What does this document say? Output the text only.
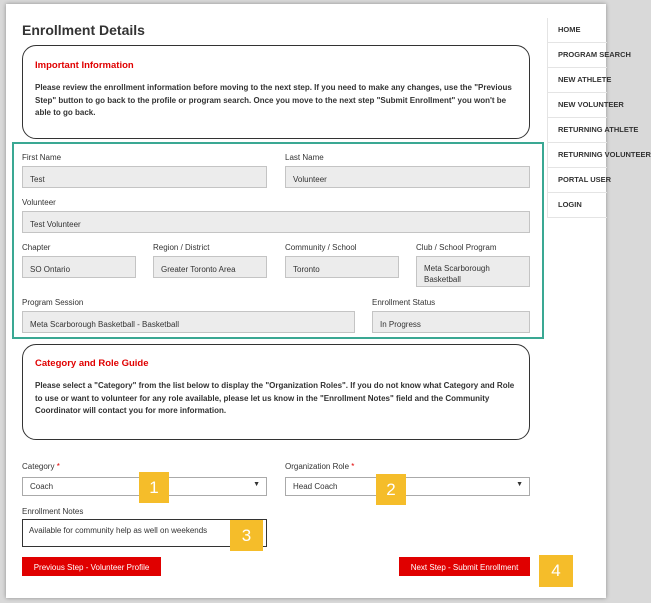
Enrollment Details
Important Information
Please review the enrollment information before moving to the next step. If you need to make any changes, use the "Previous Step" button to go back to the profile or program search. Once you move to the next step "Submit Enrollment" you won't be able to go back.
First Name
Test
Last Name
Volunteer
Volunteer
Test Volunteer
Chapter
SO Ontario
Region / District
Greater Toronto Area
Community / School
Toronto
Club / School Program
Meta Scarborough Basketball
Program Session
Meta Scarborough Basketball - Basketball
Enrollment Status
In Progress
Category and Role Guide
Please select a "Category" from the list below to display the "Organization Roles". If you do not know what Category and Role to use or want to volunteer for any role available, please let us know in the "Enrollment Notes" field and the Community Coordinator will contact you for more information.
Category *
Coach	▼
Organization Role *
Head Coach	▼
Enrollment Notes
Available for community help as well on weekends
Previous Step - Volunteer Profile	Next Step - Submit Enrollment
1	2
3
4
HOME
PROGRAM SEARCH
NEW ATHLETE
NEW VOLUNTEER
RETURNING ATHLETE
RETURNING VOLUNTEER
PORTAL USER
LOGIN
